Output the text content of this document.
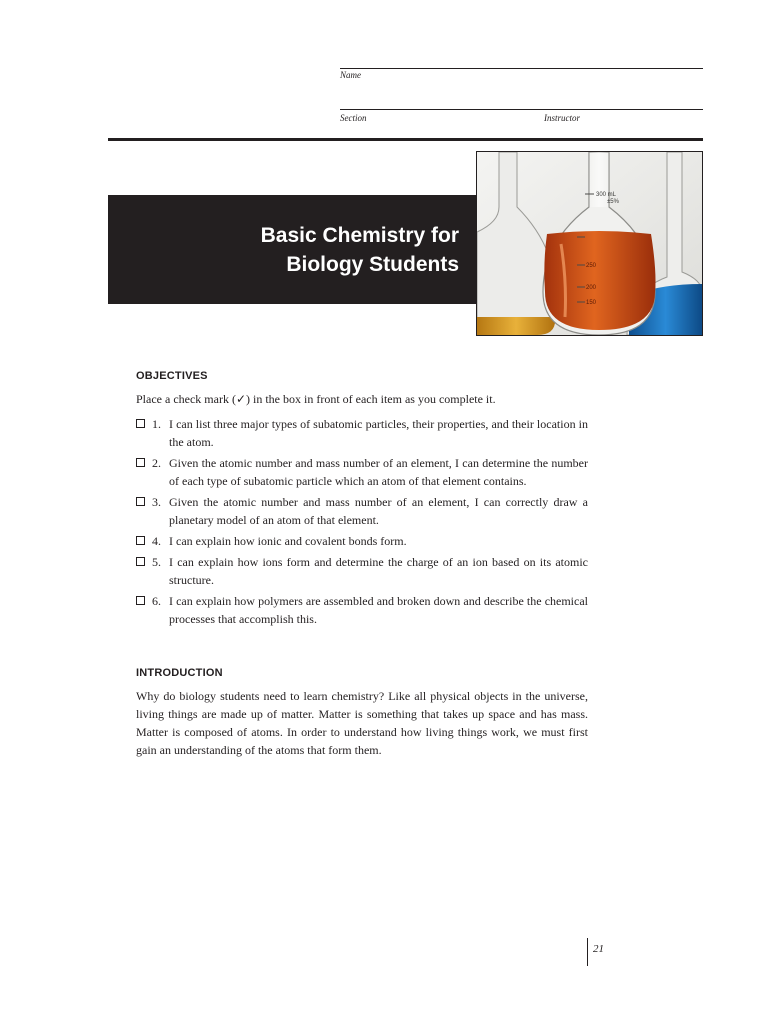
Name
Section	Instructor
Basic Chemistry for
Biology Students
300 mL
±5%
250
200
150
OBJECTIVES

Place a check mark (✓) in the box in front of each item as you complete it.

1. I can list three major types of subatomic particles, their properties, and their location in the atom.
2. Given the atomic number and mass number of an element, I can determine the number of each type of subatomic particle which an atom of that element contains.
3. Given the atomic number and mass number of an element, I can correctly draw a planetary model of an atom of that element.
4. I can explain how ionic and covalent bonds form.
5. I can explain how ions form and determine the charge of an ion based on its atomic structure.
6. I can explain how polymers are assembled and broken down and describe the chemical processes that accomplish this.
INTRODUCTION

Why do biology students need to learn chemistry? Like all physical objects in the universe, living things are made up of matter. Matter is something that takes up space and has mass. Matter is composed of atoms. In order to understand how living things work, we must first gain an understanding of the atoms that form them.

21
